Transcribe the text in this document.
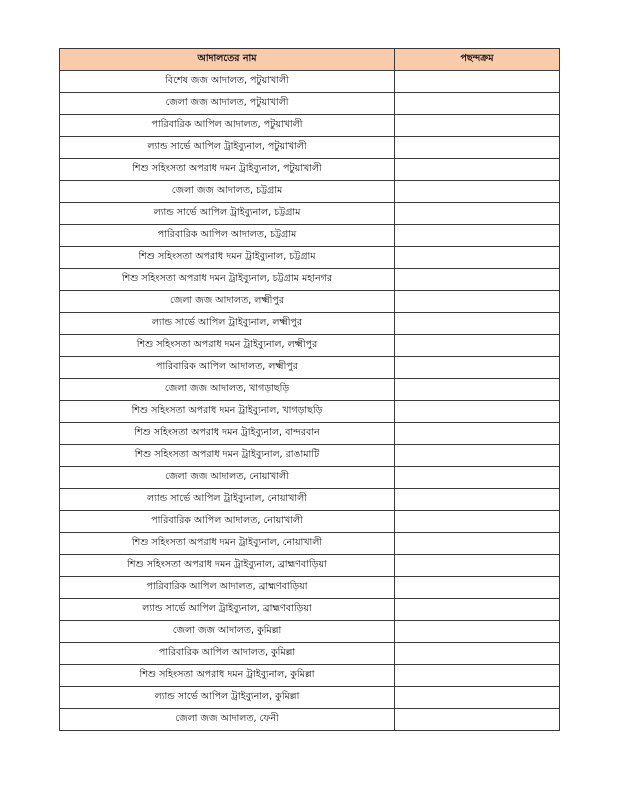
আদালতের নাম	পছন্দক্রম
বিশেষ জজ আদালত, পটুয়াখালী	
জেলা জজ আদালত, পটুয়াখালী	
পারিবারিক আপিল আদালত, পটুয়াখালী	
ল্যান্ড সার্ভে আপিল ট্রাইব্যুনাল, পটুয়াখালী	
শিশু সহিংসতা অপরাধ দমন ট্রাইব্যুনাল, পটুয়াখালী	
জেলা জজ আদালত, চট্টগ্রাম	
ল্যান্ড সার্ভে আপিল ট্রাইব্যুনাল, চট্টগ্রাম	
পারিবারিক আপিল আদালত, চট্টগ্রাম	
শিশু সহিংসতা অপরাধ দমন ট্রাইব্যুনাল, চট্টগ্রাম	
শিশু সহিংসতা অপরাধ দমন ট্রাইব্যুনাল, চট্টগ্রাম মহানগর	
জেলা জজ আদালত, লক্ষ্মীপুর	
ল্যান্ড সার্ভে আপিল ট্রাইব্যুনাল, লক্ষ্মীপুর	
শিশু সহিংসতা অপরাধ দমন ট্রাইব্যুনাল, লক্ষ্মীপুর	
পারিবারিক আপিল আদালত, লক্ষ্মীপুর	
জেলা জজ আদালত, খাগড়াছড়ি	
শিশু সহিংসতা অপরাধ দমন ট্রাইব্যুনাল, খাগড়াছড়ি	
শিশু সহিংসতা অপরাধ দমন ট্রাইব্যুনাল, বান্দরবান	
শিশু সহিংসতা অপরাধ দমন ট্রাইব্যুনাল, রাঙামাটি	
জেলা জজ আদালত, নোয়াখালী	
ল্যান্ড সার্ভে আপিল ট্রাইব্যুনাল, নোয়াখালী	
পারিবারিক আপিল আদালত, নোয়াখালী	
শিশু সহিংসতা অপরাধ দমন ট্রাইব্যুনাল, নোয়াখালী	
শিশু সহিংসতা অপরাধ দমন ট্রাইব্যুনাল, ব্রাহ্মণবাড়িয়া	
পারিবারিক আপিল আদালত, ব্রাহ্মণবাড়িয়া	
ল্যান্ড সার্ভে আপিল ট্রাইব্যুনাল, ব্রাহ্মণবাড়িয়া	
জেলা জজ আদালত, কুমিল্লা	
পারিবারিক আপিল আদালত, কুমিল্লা	
শিশু সহিংসতা অপরাধ দমন ট্রাইব্যুনাল, কুমিল্লা	
ল্যান্ড সার্ভে আপিল ট্রাইব্যুনাল, কুমিল্লা	
জেলা জজ আদালত, ফেনী	
